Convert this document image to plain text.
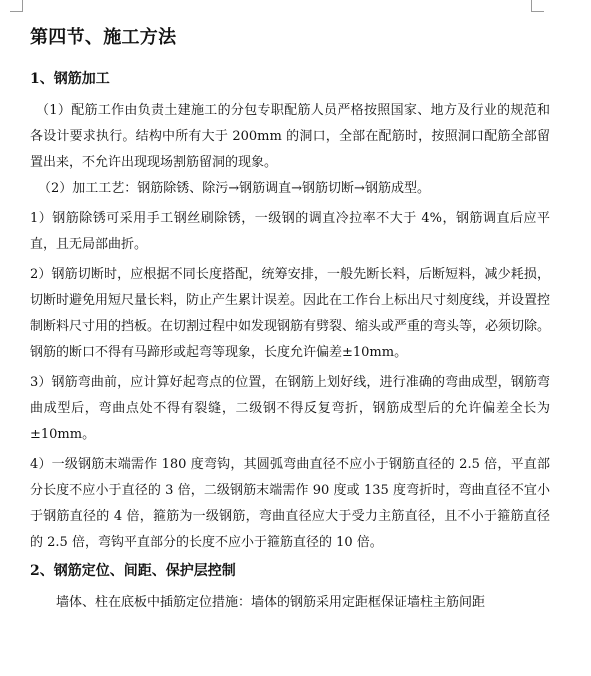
第四节、施工方法
1、钢筋加工

（1）配筋工作由负责土建施工的分包专职配筋人员严格按照国家、地方及行业的规范和各设计要求执行。结构中所有大于 200mm 的洞口，全部在配筋时，按照洞口配筋全部留置出来，不允许出现现场割筋留洞的现象。

（2）加工工艺：钢筋除锈、除污→钢筋调直→钢筋切断→钢筋成型。

1）钢筋除锈可采用手工钢丝刷除锈，一级钢的调直冷拉率不大于 4%，钢筋调直后应平直，且无局部曲折。

2）钢筋切断时，应根据不同长度搭配，统筹安排，一般先断长料，后断短料，减少耗损，切断时避免用短尺量长料，防止产生累计误差。因此在工作台上标出尺寸刻度线，并设置控制断料尺寸用的挡板。在切割过程中如发现钢筋有劈裂、缩头或严重的弯头等，必须切除。钢筋的断口不得有马蹄形或起弯等现象，长度允许偏差±10mm。

3）钢筋弯曲前，应计算好起弯点的位置，在钢筋上划好线，进行准确的弯曲成型，钢筋弯曲成型后，弯曲点处不得有裂缝，二级钢不得反复弯折，钢筋成型后的允许偏差全长为±10mm。

4）一级钢筋末端需作 180 度弯钩，其圆弧弯曲直径不应小于钢筋直径的 2.5 倍，平直部分长度不应小于直径的 3 倍，二级钢筋末端需作 90 度或 135 度弯折时，弯曲直径不宜小于钢筋直径的 4 倍，箍筋为一级钢筋，弯曲直径应大于受力主筋直径，且不小于箍筋直径的 2.5 倍，弯钩平直部分的长度不应小于箍筋直径的 10 倍。

2、钢筋定位、间距、保护层控制

墙体、柱在底板中插筋定位措施：墙体的钢筋采用定距框保证墙柱主筋间距
